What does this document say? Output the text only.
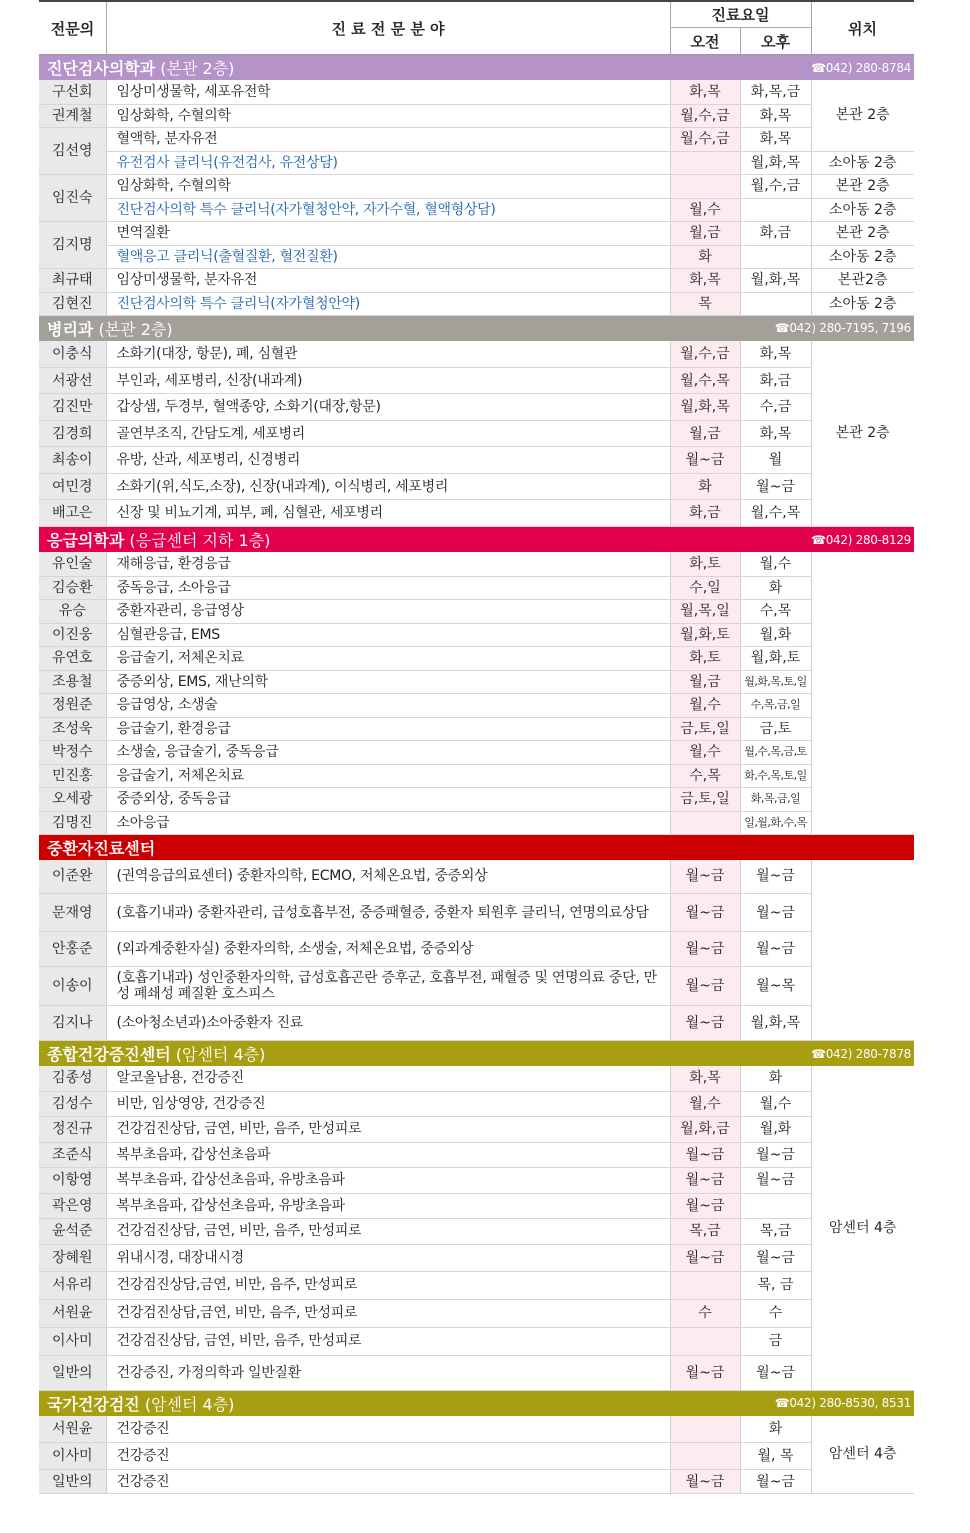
전문의	진 료 전 문 분 야
진료요일
오전	오후
위치
진단검사의학과 (본관 2층)	☎042) 280-8784
구선회	임상미생물학, 세포유전학	화,목	화,목,금	본관 2층
권계철	임상화학, 수혈의학	월,수,금	화,목	
김선영	혈액학, 분자유전	월,수,금	화,목	
	유전검사 클리닉(유전검사, 유전상담)		월,화,목	소아동 2층
임진숙	임상화학, 수혈의학		월,수,금	본관 2층
	진단검사의학 특수 클리닉(자가혈청안약, 자가수혈, 혈액형상담)	월,수		소아동 2층
김지명	면역질환	월,금	화,금	본관 2층
	혈액응고 클리닉(출혈질환, 혈전질환)	화		소아동 2층
최규태	임상미생물학, 분자유전	화,목	월,화,목	본관2층
김현진	진단검사의학 특수 클리닉(자가혈청안약)	목		소아동 2층
병리과 (본관 2층)	☎042) 280-7195, 7196
이충식	소화기(대장, 항문), 폐, 심혈관	월,수,금	화,목	본관 2층
서광선	부인과, 세포병리, 신장(내과계)	월,수,목	화,금	
김진만	갑상샘, 두경부, 혈액종양, 소화기(대장,항문)	월,화,목	수,금	
김경희	골연부조직, 간담도계, 세포병리	월,금	화,목	
최송이	유방, 산과, 세포병리, 신경병리	월~금	월	
여민경	소화기(위,식도,소장), 신장(내과계), 이식병리, 세포병리	화	월~금	
배고은	신장 및 비뇨기계, 피부, 폐, 심혈관, 세포병리	화,금	월,수,목	
응급의학과 (응급센터 지하 1층)	☎042) 280-8129
유인술	재해응급, 환경응급	화,토	월,수	
김승환	중독응급, 소아응급	수,일	화	
유승	중환자관리, 응급영상	월,목,일	수,목	
이진웅	심혈관응급, EMS	월,화,토	월,화	
유연호	응급술기, 저체온치료	화,토	월,화,토	
조용철	중증외상, EMS, 재난의학	월,금	월,화,목,토,일	
정원준	응급영상, 소생술	월,수	수,목,금,일	
조성욱	응급술기, 환경응급	금,토,일	금,토	
박정수	소생술, 응급술기, 중독응급	월,수	월,수,목,금,토	
민진홍	응급술기, 저체온치료	수,목	화,수,목,토,일	
오세광	중증외상, 중독응급	금,토,일	화,목,금,일	
김명진	소아응급		일,월,화,수,목	
중환자진료센터
이준완	(권역응급의료센터) 중환자의학, ECMO, 저체온요법, 중증외상	월~금	월~금	
문재영	(호흡기내과) 중환자관리, 급성호흡부전, 중증패혈증, 중환자 퇴원후 클리닉, 연명의료상담	월~금	월~금	
안홍준	(외과계중환자실) 중환자의학, 소생술, 저체온요법, 중증외상	월~금	월~금	
이송이	(호흡기내과) 성인중환자의학, 급성호흡곤란 증후군, 호흡부전, 패혈증 및 연명의료 중단, 만성 폐쇄성 폐질환 호스피스	월~금	월~목	
김지나	(소아청소년과)소아중환자 진료	월~금	월,화,목	
종합건강증진센터 (암센터 4층)	☎042) 280-7878
김종성	알코올남용, 건강증진	화,목	화	암센터 4층
김성수	비만, 임상영양, 건강증진	월,수	월,수	
정진규	건강검진상담, 금연, 비만, 음주, 만성피로	월,화,금	월,화	
조준식	복부초음파, 갑상선초음파	월~금	월~금	
이항영	복부초음파, 갑상선초음파, 유방초음파	월~금	월~금	
곽은영	복부초음파, 갑상선초음파, 유방초음파	월~금		
윤석준	건강검진상담, 금연, 비만, 음주, 만성피로	목,금	목,금	
장혜원	위내시경, 대장내시경	월~금	월~금	
서유리	건강검진상담,금연, 비만, 음주, 만성피로		목, 금	
서원윤	건강검진상담,금연, 비만, 음주, 만성피로	수	수	
이사미	건강검진상담, 금연, 비만, 음주, 만성피로		금	
일반의	건강증진, 가정의학과 일반질환	월~금	월~금	
국가건강검진 (암센터 4층)	☎042) 280-8530, 8531
서원윤	건강증진		화	암센터 4층
이사미	건강증진		월, 목	
일반의	건강증진	월~금	월~금	
